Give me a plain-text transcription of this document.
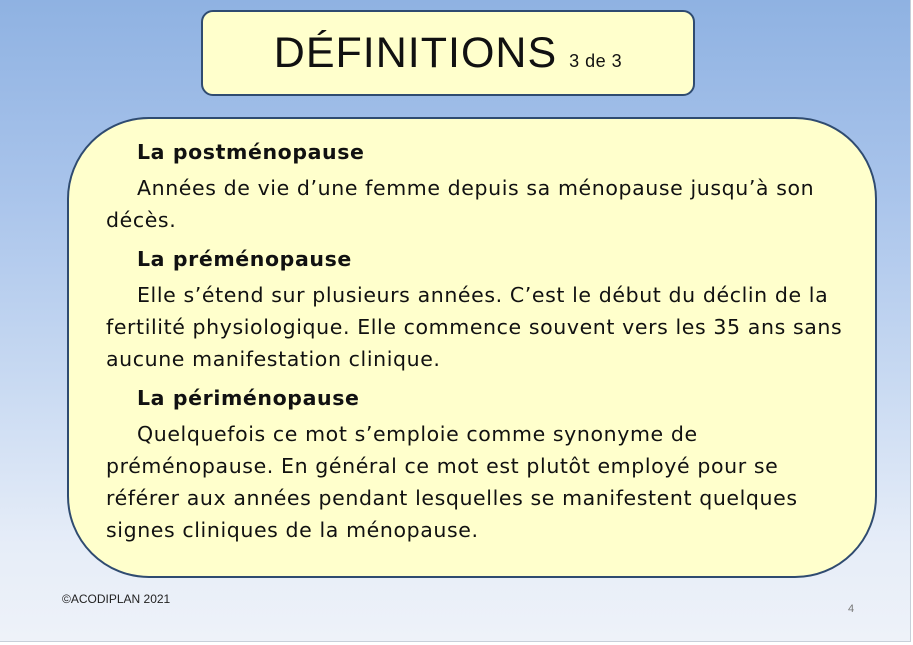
DÉFINITIONS 3 de 3

La postménopause

Années de vie d’une femme depuis sa ménopause jusqu’à son décès.

La préménopause

Elle s’étend sur plusieurs années. C’est le début du déclin de la fertilité physiologique. Elle commence souvent vers les 35 ans sans aucune manifestation clinique.

La périménopause

Quelquefois ce mot s’emploie comme synonyme de préménopause. En général ce mot est plutôt employé pour se référer aux années pendant lesquelles se manifestent quelques signes cliniques de la ménopause.

©ACODIPLAN 2021
4
